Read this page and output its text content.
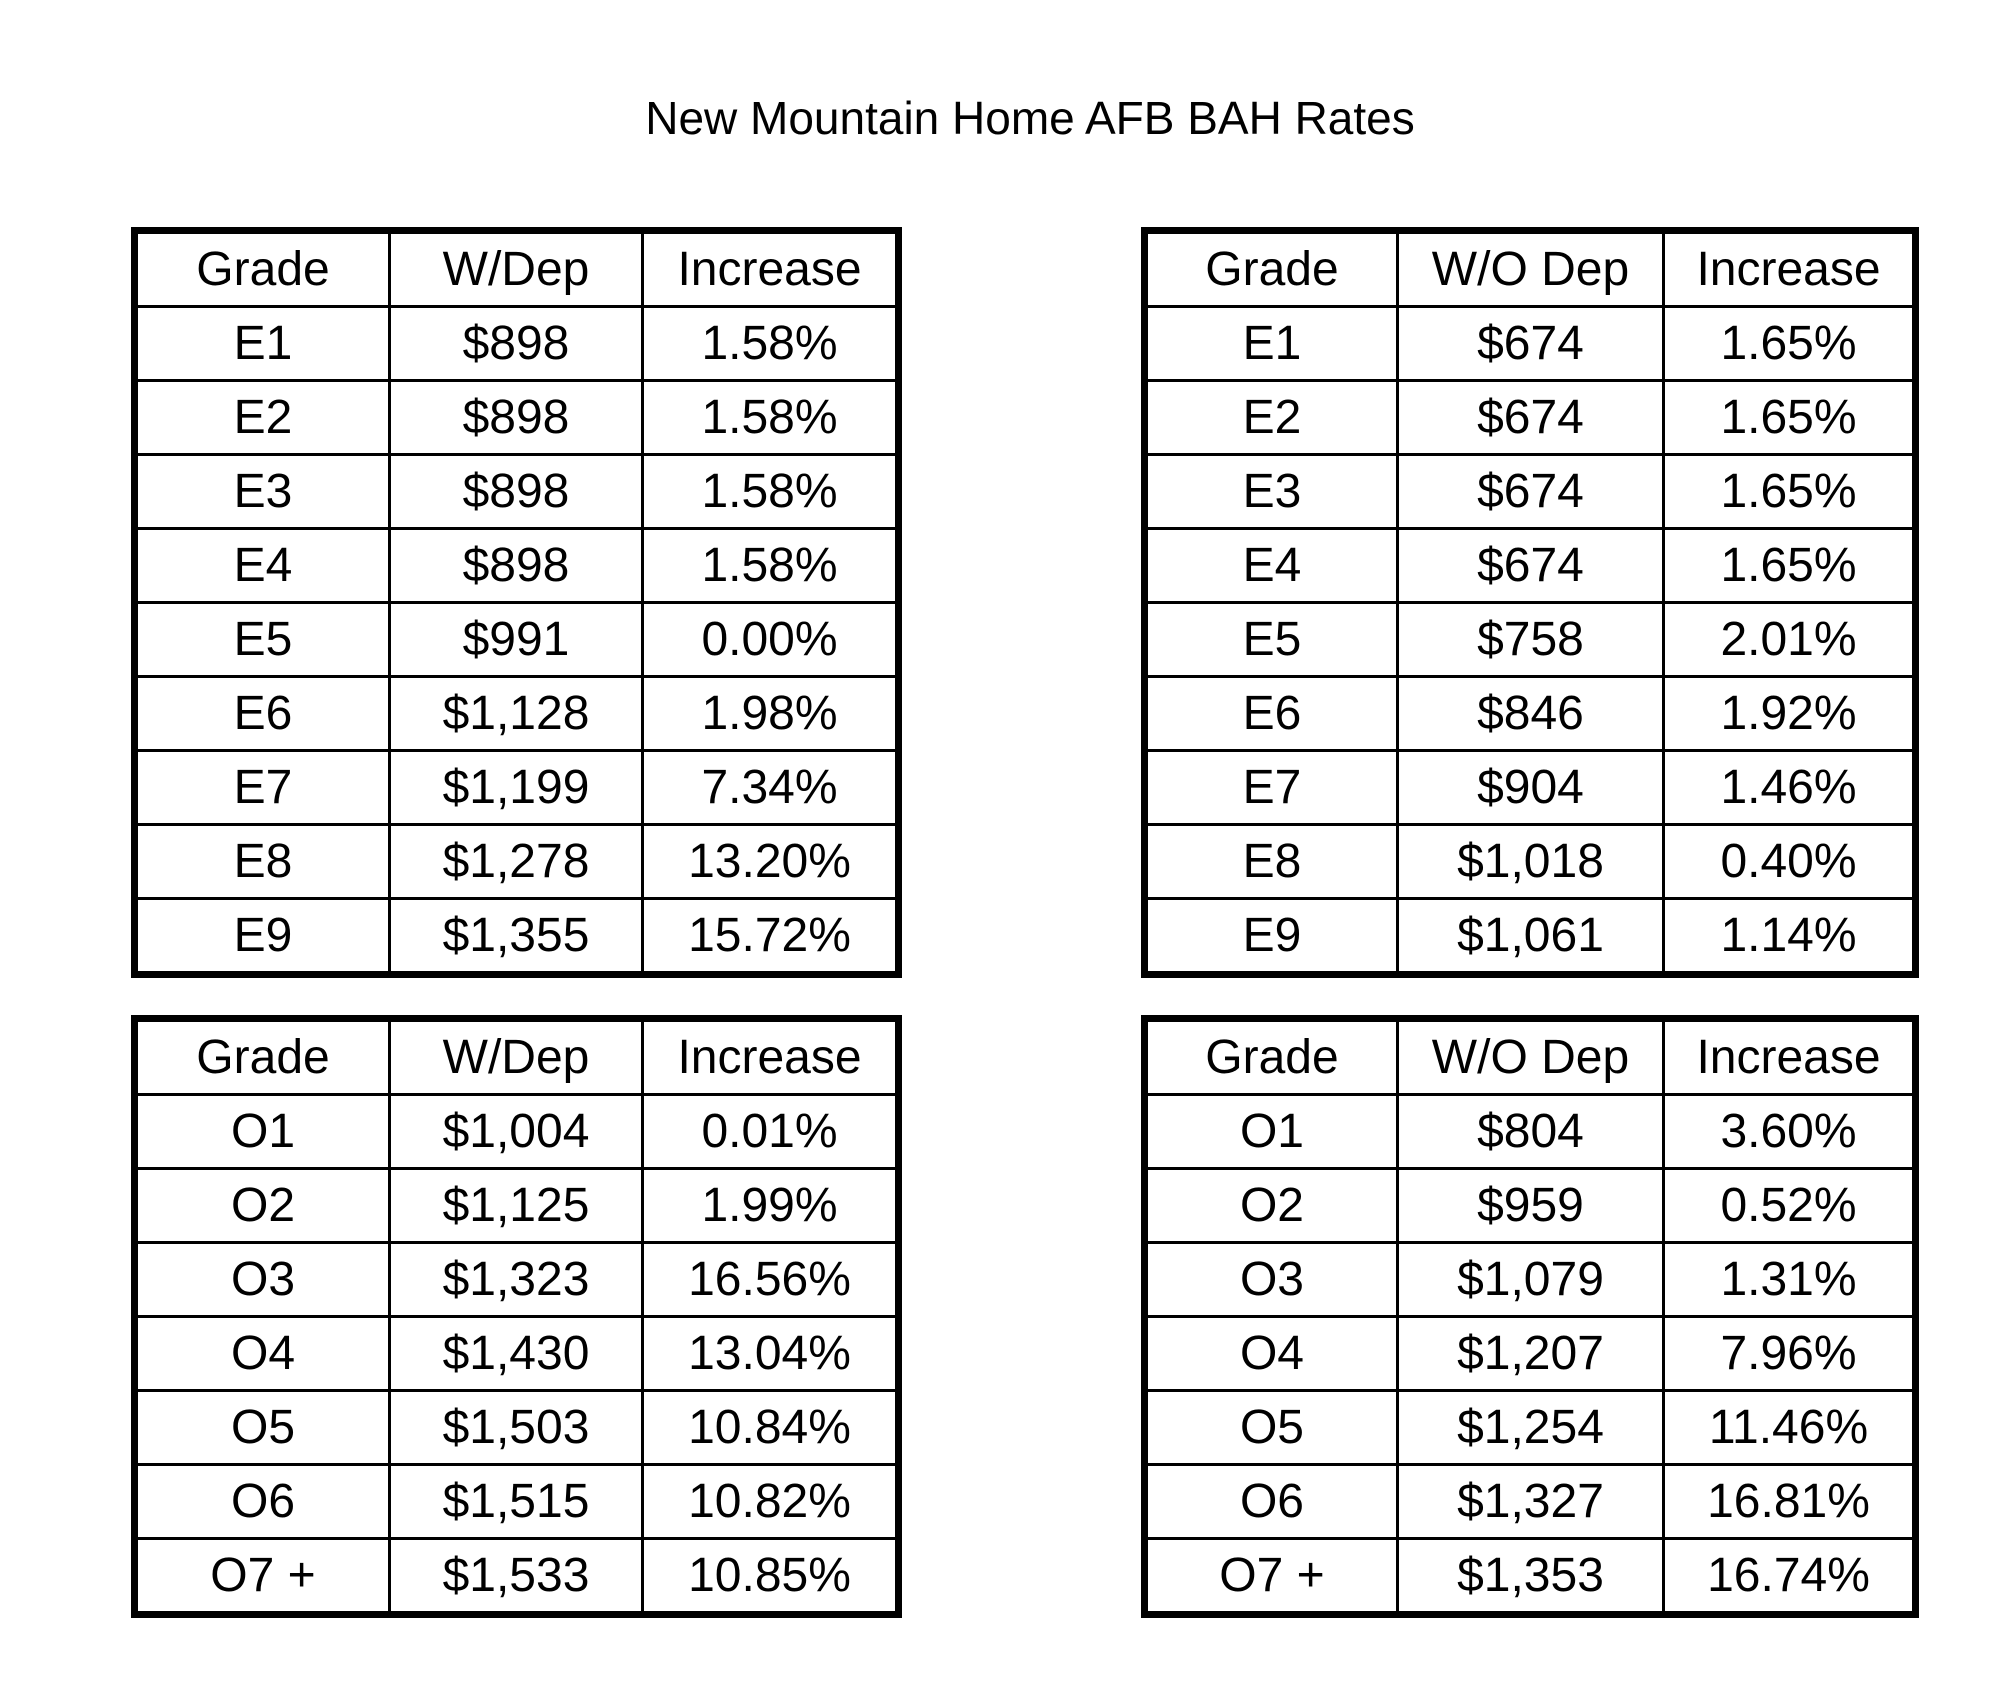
New Mountain Home AFB BAH Rates
Grade	W/Dep	Increase
E1	$898	1.58%
E2	$898	1.58%
E3	$898	1.58%
E4	$898	1.58%
E5	$991	0.00%
E6	$1,128	1.98%
E7	$1,199	7.34%
E8	$1,278	13.20%
E9	$1,355	15.72%
Grade	W/O Dep	Increase
E1	$674	1.65%
E2	$674	1.65%
E3	$674	1.65%
E4	$674	1.65%
E5	$758	2.01%
E6	$846	1.92%
E7	$904	1.46%
E8	$1,018	0.40%
E9	$1,061	1.14%
Grade	W/Dep	Increase
O1	$1,004	0.01%
O2	$1,125	1.99%
O3	$1,323	16.56%
O4	$1,430	13.04%
O5	$1,503	10.84%
O6	$1,515	10.82%
O7 +	$1,533	10.85%
Grade	W/O Dep	Increase
O1	$804	3.60%
O2	$959	0.52%
O3	$1,079	1.31%
O4	$1,207	7.96%
O5	$1,254	11.46%
O6	$1,327	16.81%
O7 +	$1,353	16.74%
